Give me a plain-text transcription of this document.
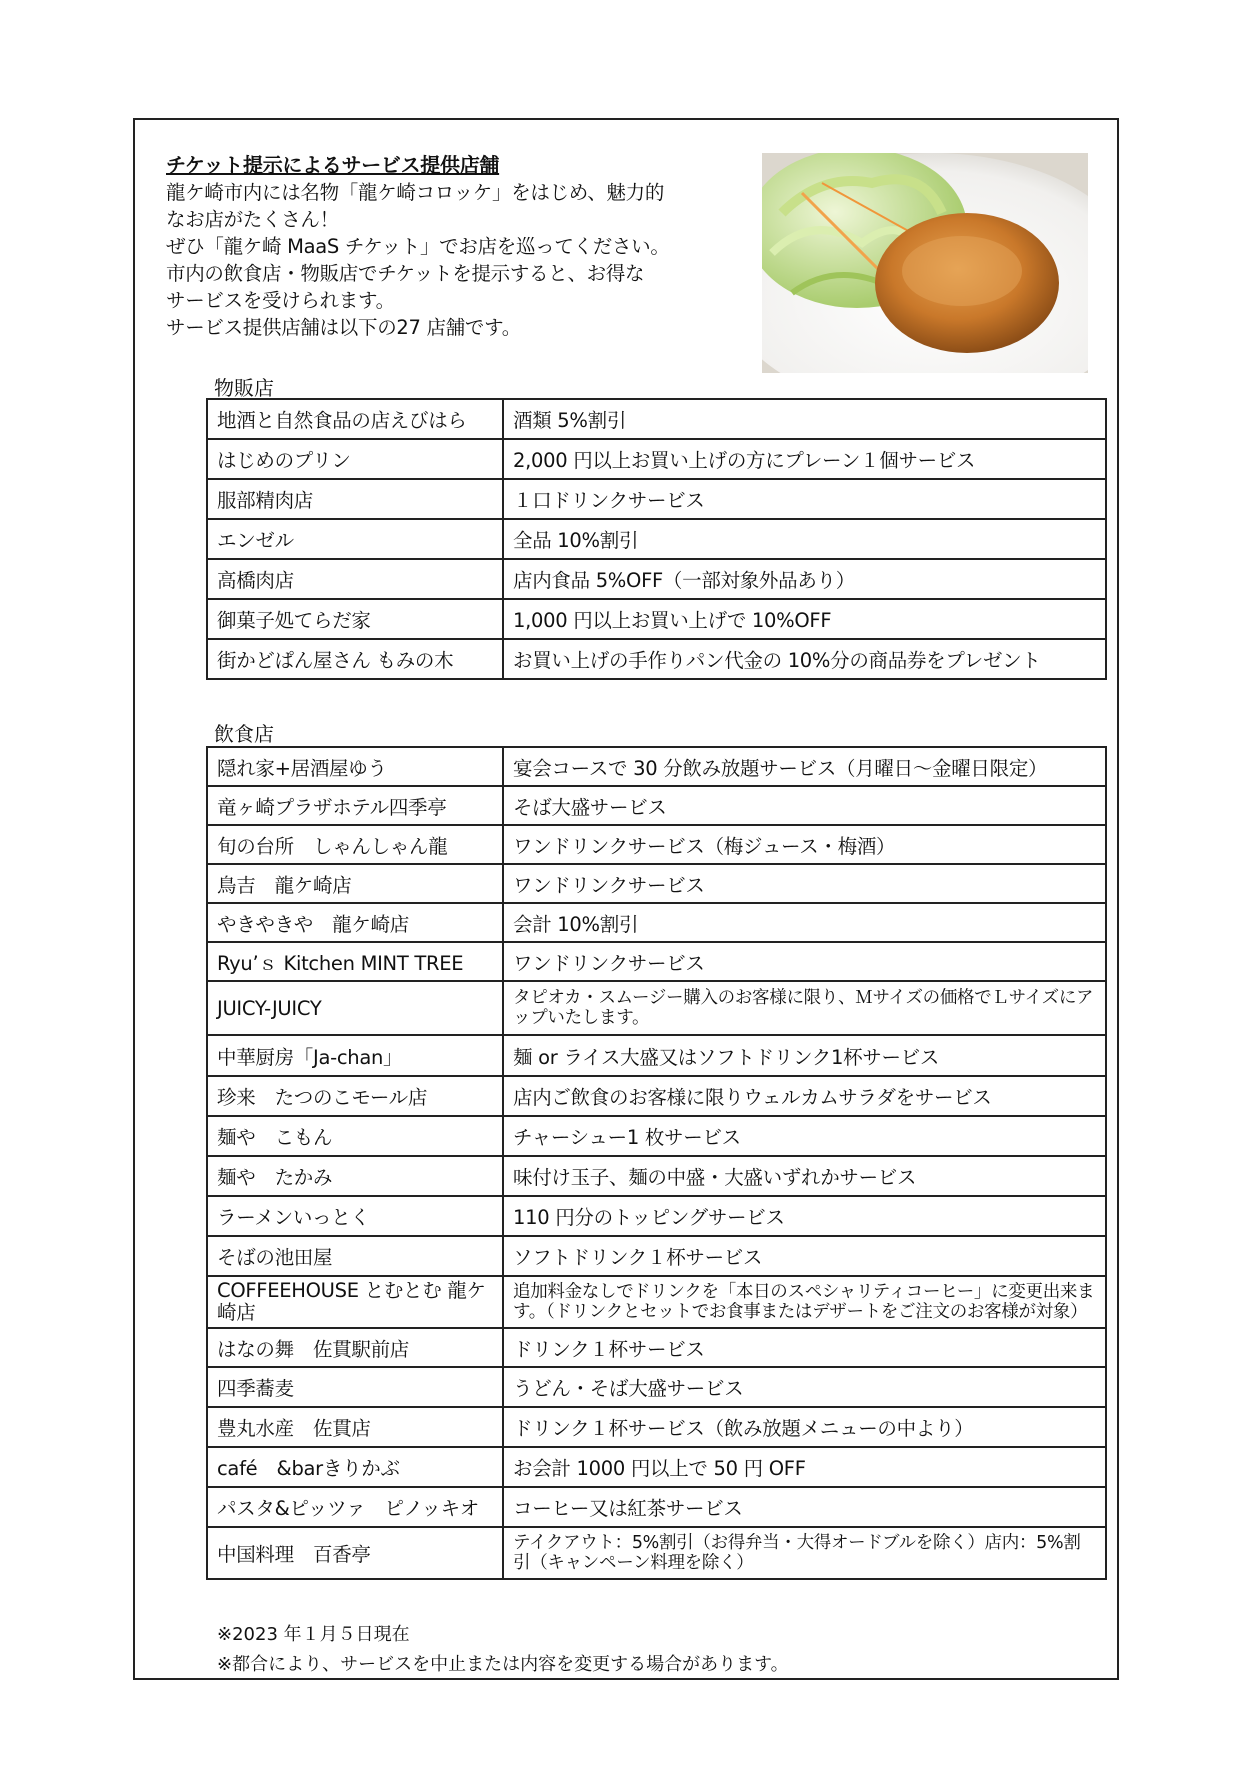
チケット提示によるサービス提供店舗

龍ケ崎市内には名物「龍ケ崎コロッケ」をはじめ、魅力的

なお店がたくさん！

ぜひ「龍ケ崎 MaaS チケット」でお店を巡ってください。

市内の飲食店・物販店でチケットを提示すると、お得な

サービスを受けられます。

サービス提供店舗は以下の27 店舗です。

物販店
地酒と自然食品の店えびはら	酒類 5%割引
はじめのプリン	2,000 円以上お買い上げの方にプレーン１個サービス
服部精肉店	１口ドリンクサービス
エンゼル	全品 10%割引
高橋肉店	店内食品 5%OFF（一部対象外品あり）
御菓子処てらだ家	1,000 円以上お買い上げで 10%OFF
街かどぱん屋さん もみの木	お買い上げの手作りパン代金の 10%分の商品券をプレゼント
飲食店
隠れ家+居酒屋ゆう	宴会コースで 30 分飲み放題サービス（月曜日～金曜日限定）
竜ヶ崎プラザホテル四季亭	そば大盛サービス
旬の台所　しゃんしゃん龍	ワンドリンクサービス（梅ジュース・梅酒）
鳥吉　龍ケ崎店	ワンドリンクサービス
やきやきや　龍ケ崎店	会計 10%割引
Ryu’ｓ Kitchen MINT TREE	ワンドリンクサービス
JUICY-JUICY	タピオカ・スムージー購入のお客様に限り、Ｍサイズの価格でＬサイズにアップいたします。
中華厨房「Ja-chan」	麺 or ライス大盛又はソフトドリンク1杯サービス
珍来　たつのこモール店	店内ご飲食のお客様に限りウェルカムサラダをサービス
麺や　こもん	チャーシュー1 枚サービス
麺や　たかみ	味付け玉子、麺の中盛・大盛いずれかサービス
ラーメンいっとく	110 円分のトッピングサービス
そばの池田屋	ソフトドリンク１杯サービス
COFFEEHOUSE とむとむ 龍ケ崎店	追加料金なしでドリンクを「本日のスペシャリティコーヒー」に変更出来ます。（ドリンクとセットでお食事またはデザートをご注文のお客様が対象）
はなの舞　佐貫駅前店	ドリンク１杯サービス
四季蕎麦	うどん・そば大盛サービス
豊丸水産　佐貫店	ドリンク１杯サービス（飲み放題メニューの中より）
café　&barきりかぶ	お会計 1000 円以上で 50 円 OFF
パスタ&ピッツァ　ピノッキオ	コーヒー又は紅茶サービス
中国料理　百香亭	テイクアウト：5%割引（お得弁当・大得オードブルを除く）店内：5%割引（キャンペーン料理を除く）

※2023 年１月５日現在

※都合により、サービスを中止または内容を変更する場合があります。
